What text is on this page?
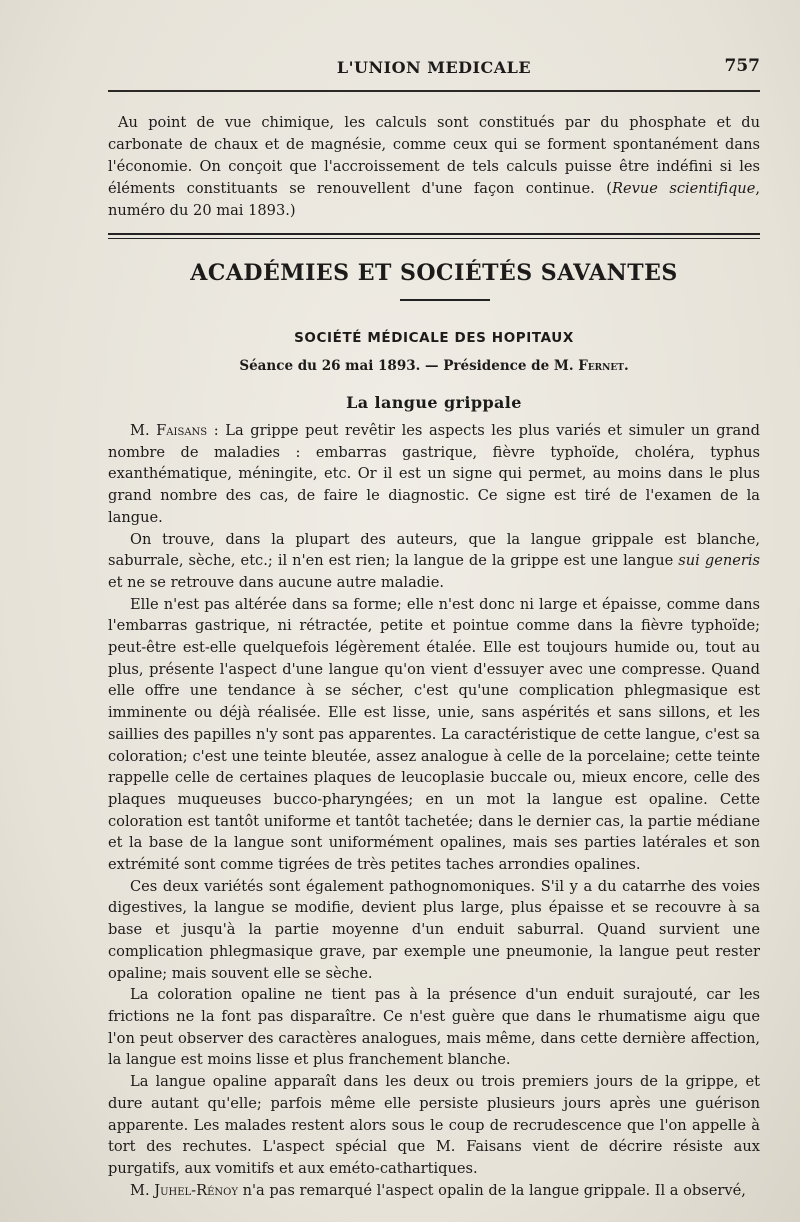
L'UNION MEDICALE	757

Au point de vue chimique, les calculs sont constitués par du phosphate et du carbonate de chaux et de magnésie, comme ceux qui se forment spontanément dans l'économie. On conçoit que l'accroissement de tels calculs puisse être indéfini si les éléments constituants se renouvellent d'une façon continue. (Revue scientifique, numéro du 20 mai 1893.)

ACADÉMIES ET SOCIÉTÉS SAVANTES
SOCIÉTÉ MÉDICALE DES HOPITAUX
Séance du 26 mai 1893. — Présidence de M. Fernet.
La langue grippale

M. Faisans : La grippe peut revêtir les aspects les plus variés et simuler un grand nombre de maladies : embarras gastrique, fièvre typhoïde, choléra, typhus exanthématique, méningite, etc. Or il est un signe qui permet, au moins dans le plus grand nombre des cas, de faire le diagnostic. Ce signe est tiré de l'examen de la langue.

On trouve, dans la plupart des auteurs, que la langue grippale est blanche, saburrale, sèche, etc.; il n'en est rien; la langue de la grippe est une langue sui generis et ne se retrouve dans aucune autre maladie.

Elle n'est pas altérée dans sa forme; elle n'est donc ni large et épaisse, comme dans l'embarras gastrique, ni rétractée, petite et pointue comme dans la fièvre typhoïde; peut-être est-elle quelquefois légèrement étalée. Elle est toujours humide ou, tout au plus, présente l'aspect d'une langue qu'on vient d'essuyer avec une compresse. Quand elle offre une tendance à se sécher, c'est qu'une complication phlegmasique est imminente ou déjà réalisée. Elle est lisse, unie, sans aspérités et sans sillons, et les saillies des papilles n'y sont pas apparentes. La caractéristique de cette langue, c'est sa coloration; c'est une teinte bleutée, assez analogue à celle de la porcelaine; cette teinte rappelle celle de certaines plaques de leucoplasie buccale ou, mieux encore, celle des plaques muqueuses bucco-pharyngées; en un mot la langue est opaline. Cette coloration est tantôt uniforme et tantôt tachetée; dans le dernier cas, la partie médiane et la base de la langue sont uniformément opalines, mais ses parties latérales et son extrémité sont comme tigrées de très petites taches arrondies opalines.

Ces deux variétés sont également pathognomoniques. S'il y a du catarrhe des voies digestives, la langue se modifie, devient plus large, plus épaisse et se recouvre à sa base et jusqu'à la partie moyenne d'un enduit saburral. Quand survient une complication phlegmasique grave, par exemple une pneumonie, la langue peut rester opaline; mais souvent elle se sèche.

La coloration opaline ne tient pas à la présence d'un enduit surajouté, car les frictions ne la font pas disparaître. Ce n'est guère que dans le rhumatisme aigu que l'on peut observer des caractères analogues, mais même, dans cette dernière affection, la langue est moins lisse et plus franchement blanche.

La langue opaline apparaît dans les deux ou trois premiers jours de la grippe, et dure autant qu'elle; parfois même elle persiste plusieurs jours après une guérison apparente. Les malades restent alors sous le coup de recrudescence que l'on appelle à tort des rechutes. L'aspect spécial que M. Faisans vient de décrire résiste aux purgatifs, aux vomitifs et aux eméto-cathartiques.

M. Juhel-Rénoy n'a pas remarqué l'aspect opalin de la langue grippale. Il a observé,
